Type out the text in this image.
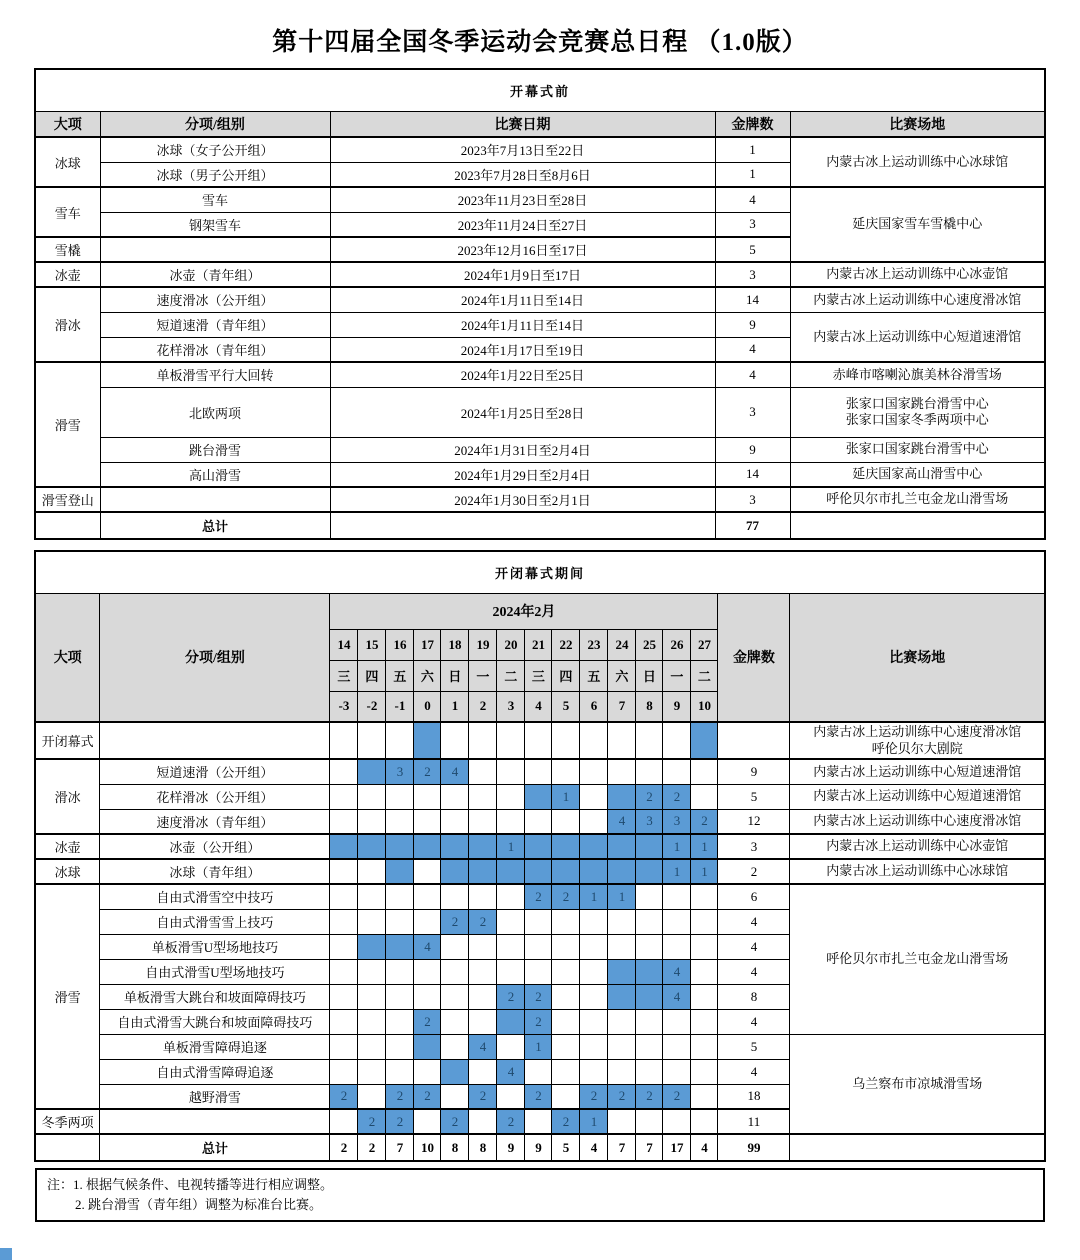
第十四届全国冬季运动会竞赛总日程 （1.0版）
开幕式前				
大项	分项/组别	比赛日期	金牌数	比赛场地
冰球	冰球（女子公开组）	2023年7月13日至22日	1	内蒙古冰上运动训练中心冰球馆
	冰球（男子公开组）	2023年7月28日至8月6日	1	
雪车	雪车	2023年11月23日至28日	4	延庆国家雪车雪橇中心
	钢架雪车	2023年11月24日至27日	3	
雪橇		2023年12月16日至17日	5	
冰壶	冰壶（青年组）	2024年1月9日至17日	3	内蒙古冰上运动训练中心冰壶馆
滑冰	速度滑冰（公开组）	2024年1月11日至14日	14	内蒙古冰上运动训练中心速度滑冰馆
	短道速滑（青年组）	2024年1月11日至14日	9	内蒙古冰上运动训练中心短道速滑馆
	花样滑冰（青年组）	2024年1月17日至19日	4	
滑雪	单板滑雪平行大回转	2024年1月22日至25日	4	赤峰市喀喇沁旗美林谷滑雪场
	北欧两项	2024年1月25日至28日	3	张家口国家跳台滑雪中心
张家口国家冬季两项中心

	跳台滑雪	2024年1月31日至2月4日	9	张家口国家跳台滑雪中心
	高山滑雪	2024年1月29日至2月4日	14	延庆国家高山滑雪中心
滑雪登山		2024年1月30日至2月1日	3	呼伦贝尔市扎兰屯金龙山滑雪场
	总计		77	
开闭幕式期间																	
大项	分项/组别	2024年2月														金牌数	比赛场地
		14	15	16	17	18	19	20	21	22	23	24	25	26	27		
		三	四	五	六	日	一	二	三	四	五	六	日	一	二		
		-3	-2	-1	0	1	2	3	4	5	6	7	8	9	10		
开闭幕式																	内蒙古冰上运动训练中心速度滑冰馆
呼伦贝尔大剧院

滑冰	短道速滑（公开组）			3	2	4										9	内蒙古冰上运动训练中心短道速滑馆
	花样滑冰（公开组）									1			2	2		5	内蒙古冰上运动训练中心短道速滑馆
	速度滑冰（青年组）											4	3	3	2	12	内蒙古冰上运动训练中心速度滑冰馆
冰壶	冰壶（公开组）							1						1	1	3	内蒙古冰上运动训练中心冰壶馆
冰球	冰球（青年组）													1	1	2	内蒙古冰上运动训练中心冰球馆
滑雪	自由式滑雪空中技巧								2	2	1	1				6	呼伦贝尔市扎兰屯金龙山滑雪场
	自由式滑雪雪上技巧					2	2									4	
	单板滑雪U型场地技巧				4											4	
	自由式滑雪U型场地技巧													4		4	
	单板滑雪大跳台和坡面障碍技巧							2	2					4		8	
	自由式滑雪大跳台和坡面障碍技巧				2				2							4	
	单板滑雪障碍追逐						4		1							5	乌兰察布市凉城滑雪场
	自由式滑雪障碍追逐							4								4	
	越野滑雪	2		2	2		2		2		2	2	2	2		18	
冬季两项			2	2		2		2		2	1					11	
	总计	2	2	7	10	8	8	9	9	5	4	7	7	17	4	99	
注：1. 根据气候条件、电视转播等进行相应调整。
2. 跳台滑雪（青年组）调整为标准台比赛。
